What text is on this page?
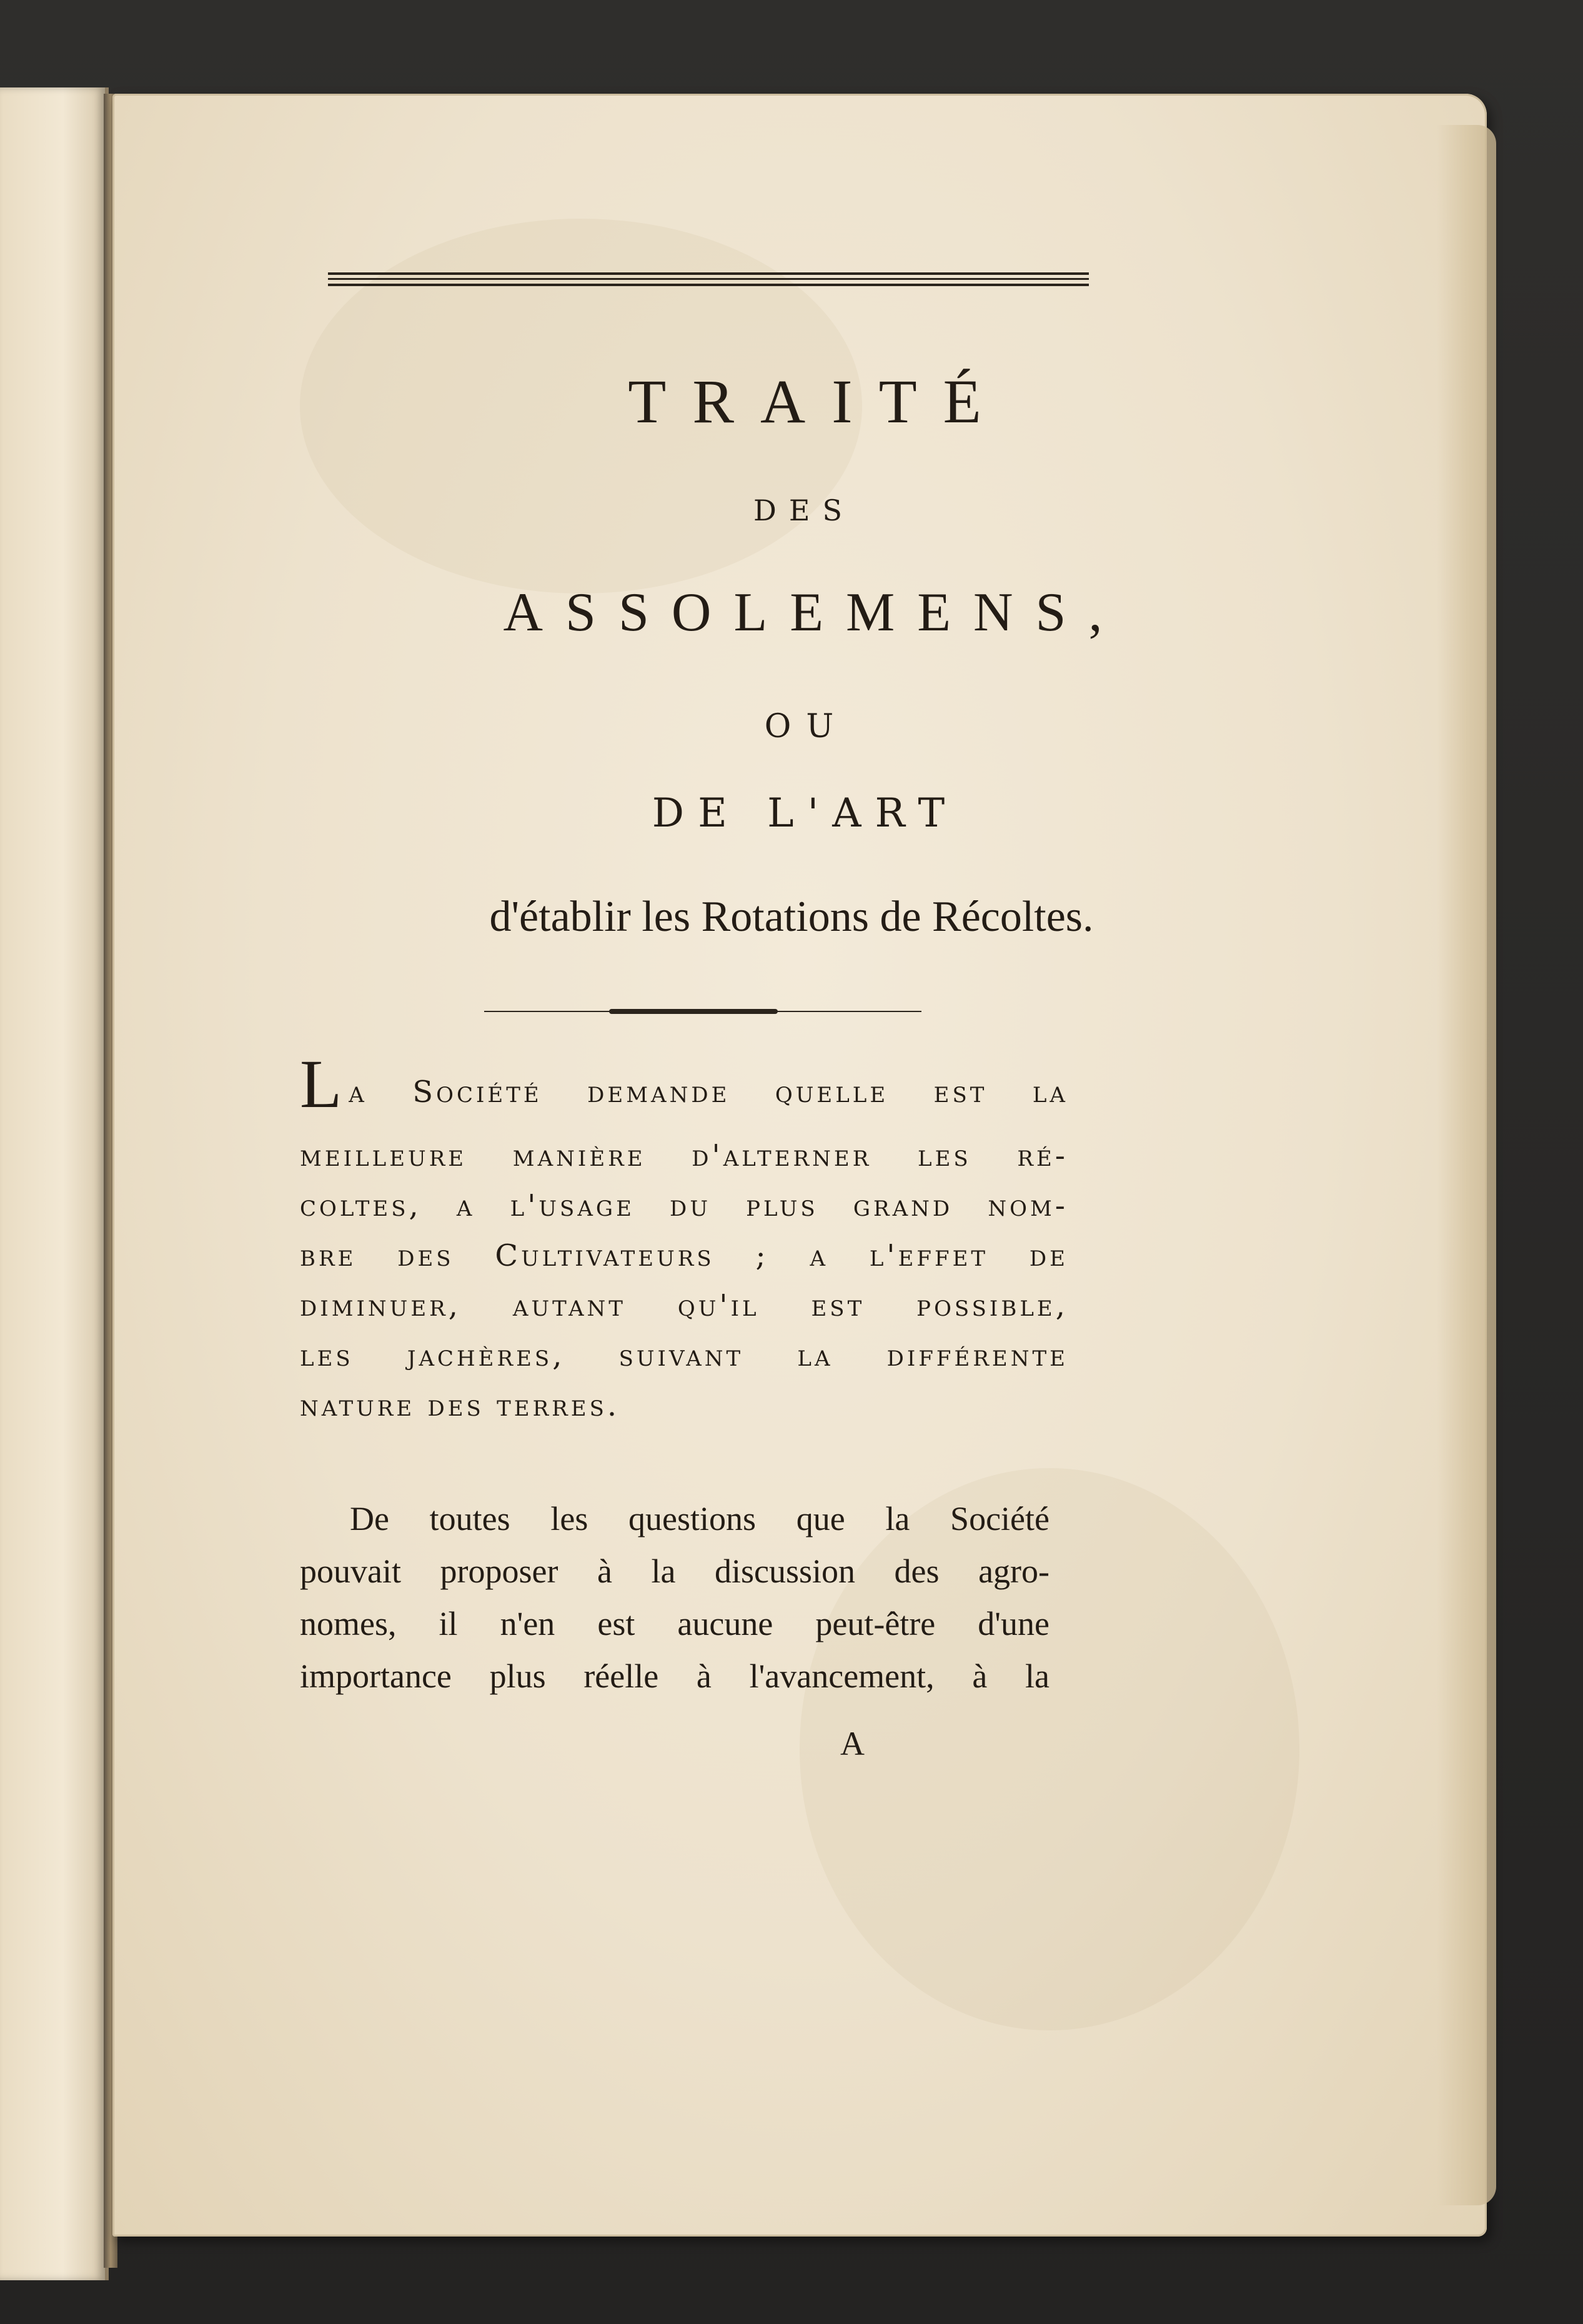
TRAITÉ
DES
ASSOLEMENS,
OU
DE L'ART
d'établir les Rotations de Récoltes.
La Société demande quelle est la
meilleure manière d'alterner les ré-
coltes, a l'usage du plus grand nom-
bre des Cultivateurs ; a l'effet de
diminuer, autant qu'il est possible,
les jachères, suivant la différente
nature des terres.
De toutes les questions que la Société
pouvait proposer à la discussion des agro-
nomes, il n'en est aucune peut-être d'une
importance plus réelle à l'avancement, à la
A
